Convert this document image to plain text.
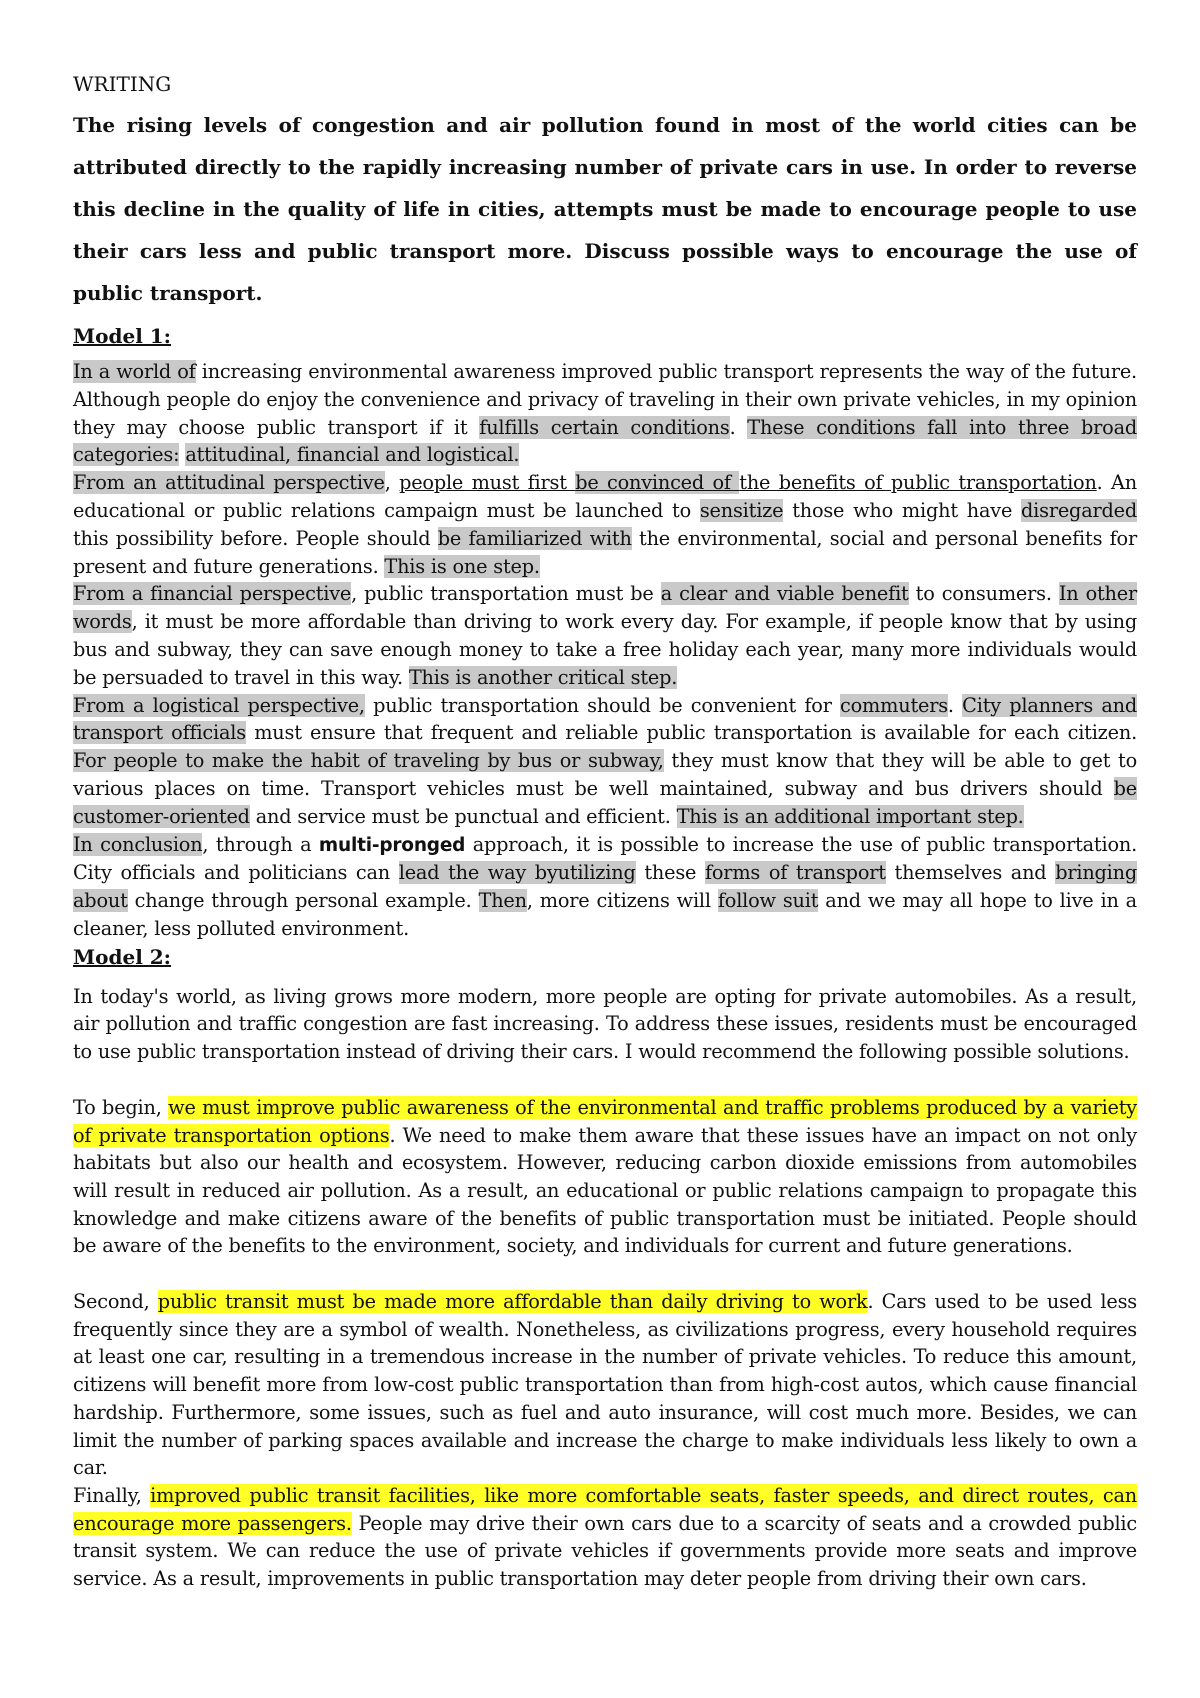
WRITING

The rising levels of congestion and air pollution found in most of the world cities can be attributed directly to the rapidly increasing number of private cars in use. In order to reverse this decline in the quality of life in cities, attempts must be made to encourage people to use their cars less and public transport more. Discuss possible ways to encourage the use of public transport.

Model 1:

In a world of increasing environmental awareness improved public transport represents the way of the future. Although people do enjoy the convenience and privacy of traveling in their own private vehicles, in my opinion they may choose public transport if it fulfills certain conditions. These conditions fall into three broad categories: attitudinal, financial and logistical.

From an attitudinal perspective, people must first be convinced of the benefits of public transportation. An educational or public relations campaign must be launched to sensitize those who might have disregarded this possibility before. People should be familiarized with the environmental, social and personal benefits for present and future generations. This is one step.

From a financial perspective, public transportation must be a clear and viable benefit to consumers. In other words, it must be more affordable than driving to work every day. For example, if people know that by using bus and subway, they can save enough money to take a free holiday each year, many more individuals would be persuaded to travel in this way. This is another critical step.

From a logistical perspective, public transportation should be convenient for commuters. City planners and transport officials must ensure that frequent and reliable public transportation is available for each citizen. For people to make the habit of traveling by bus or subway, they must know that they will be able to get to various places on time. Transport vehicles must be well maintained, subway and bus drivers should be customer-oriented and service must be punctual and efficient. This is an additional important step.

In conclusion, through a multi-pronged approach, it is possible to increase the use of public transportation. City officials and politicians can lead the way byutilizing these forms of transport themselves and bringing about change through personal example. Then, more citizens will follow suit and we may all hope to live in a cleaner, less polluted environment.

Model 2:

In today's world, as living grows more modern, more people are opting for private automobiles. As a result, air pollution and traffic congestion are fast increasing. To address these issues, residents must be encouraged to use public transportation instead of driving their cars. I would recommend the following possible solutions.

To begin, we must improve public awareness of the environmental and traffic problems produced by a variety of private transportation options. We need to make them aware that these issues have an impact on not only habitats but also our health and ecosystem. However, reducing carbon dioxide emissions from automobiles will result in reduced air pollution. As a result, an educational or public relations campaign to propagate this knowledge and make citizens aware of the benefits of public transportation must be initiated. People should be aware of the benefits to the environment, society, and individuals for current and future generations.

Second, public transit must be made more affordable than daily driving to work. Cars used to be used less frequently since they are a symbol of wealth. Nonetheless, as civilizations progress, every household requires at least one car, resulting in a tremendous increase in the number of private vehicles. To reduce this amount, citizens will benefit more from low-cost public transportation than from high-cost autos, which cause financial hardship. Furthermore, some issues, such as fuel and auto insurance, will cost much more. Besides, we can limit the number of parking spaces available and increase the charge to make individuals less likely to own a car.

Finally, improved public transit facilities, like more comfortable seats, faster speeds, and direct routes, can encourage more passengers. People may drive their own cars due to a scarcity of seats and a crowded public transit system. We can reduce the use of private vehicles if governments provide more seats and improve service. As a result, improvements in public transportation may deter people from driving their own cars.
